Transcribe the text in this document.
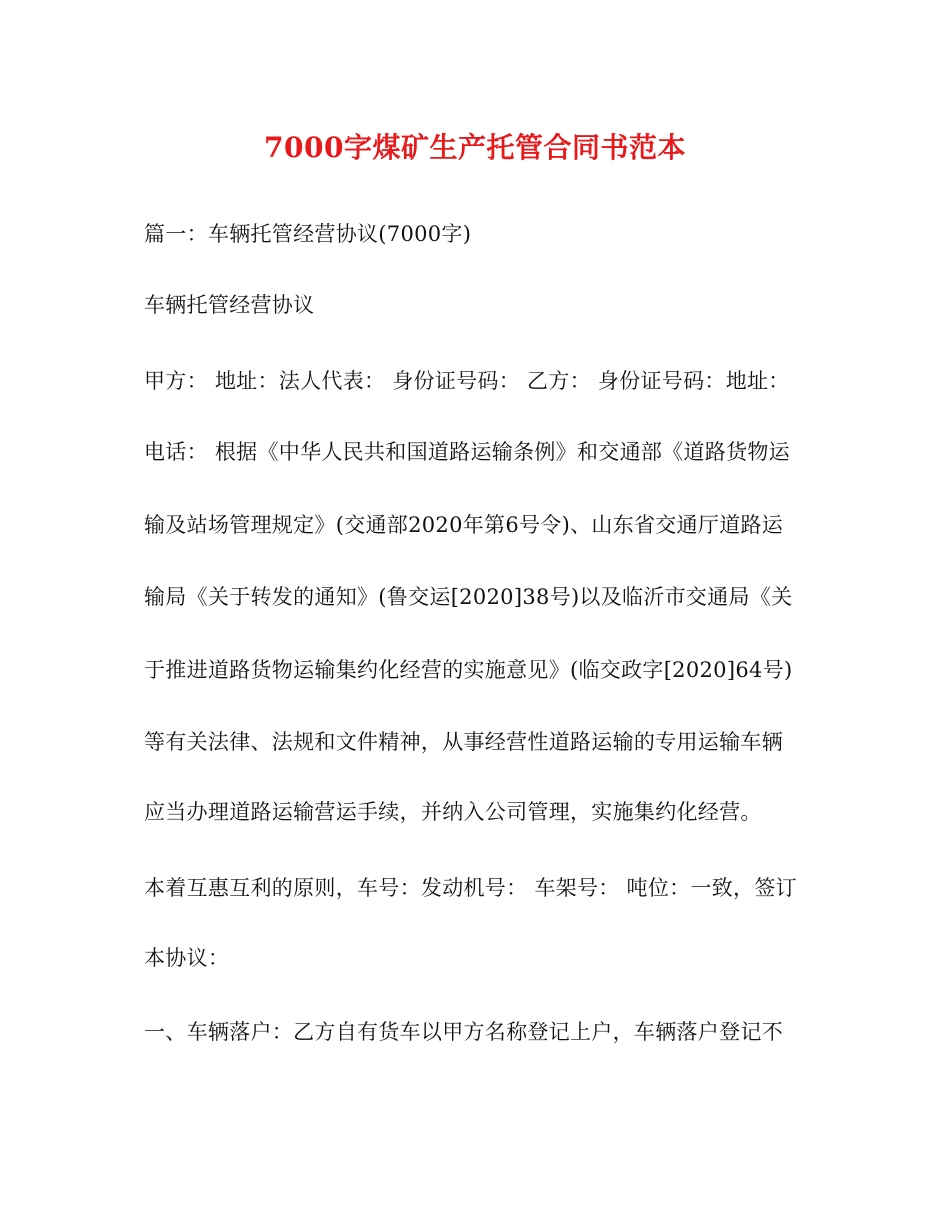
7000字煤矿生产托管合同书范本
篇一：车辆托管经营协议(7000字)
车辆托管经营协议
甲方： 地址：法人代表： 身份证号码： 乙方： 身份证号码：地址：
电话： 根据《中华人民共和国道路运输条例》和交通部《道路货物运
输及站场管理规定》(交通部2020年第6号令)、山东省交通厅道路运
输局《关于转发的通知》(鲁交运[2020]38号)以及临沂市交通局《关
于推进道路货物运输集约化经营的实施意见》(临交政字[2020]64号)
等有关法律、法规和文件精神，从事经营性道路运输的专用运输车辆
应当办理道路运输营运手续，并纳入公司管理，实施集约化经营。
本着互惠互利的原则，车号：发动机号： 车架号： 吨位：一致，签订
本协议：
一、车辆落户：乙方自有货车以甲方名称登记上户，车辆落户登记不
